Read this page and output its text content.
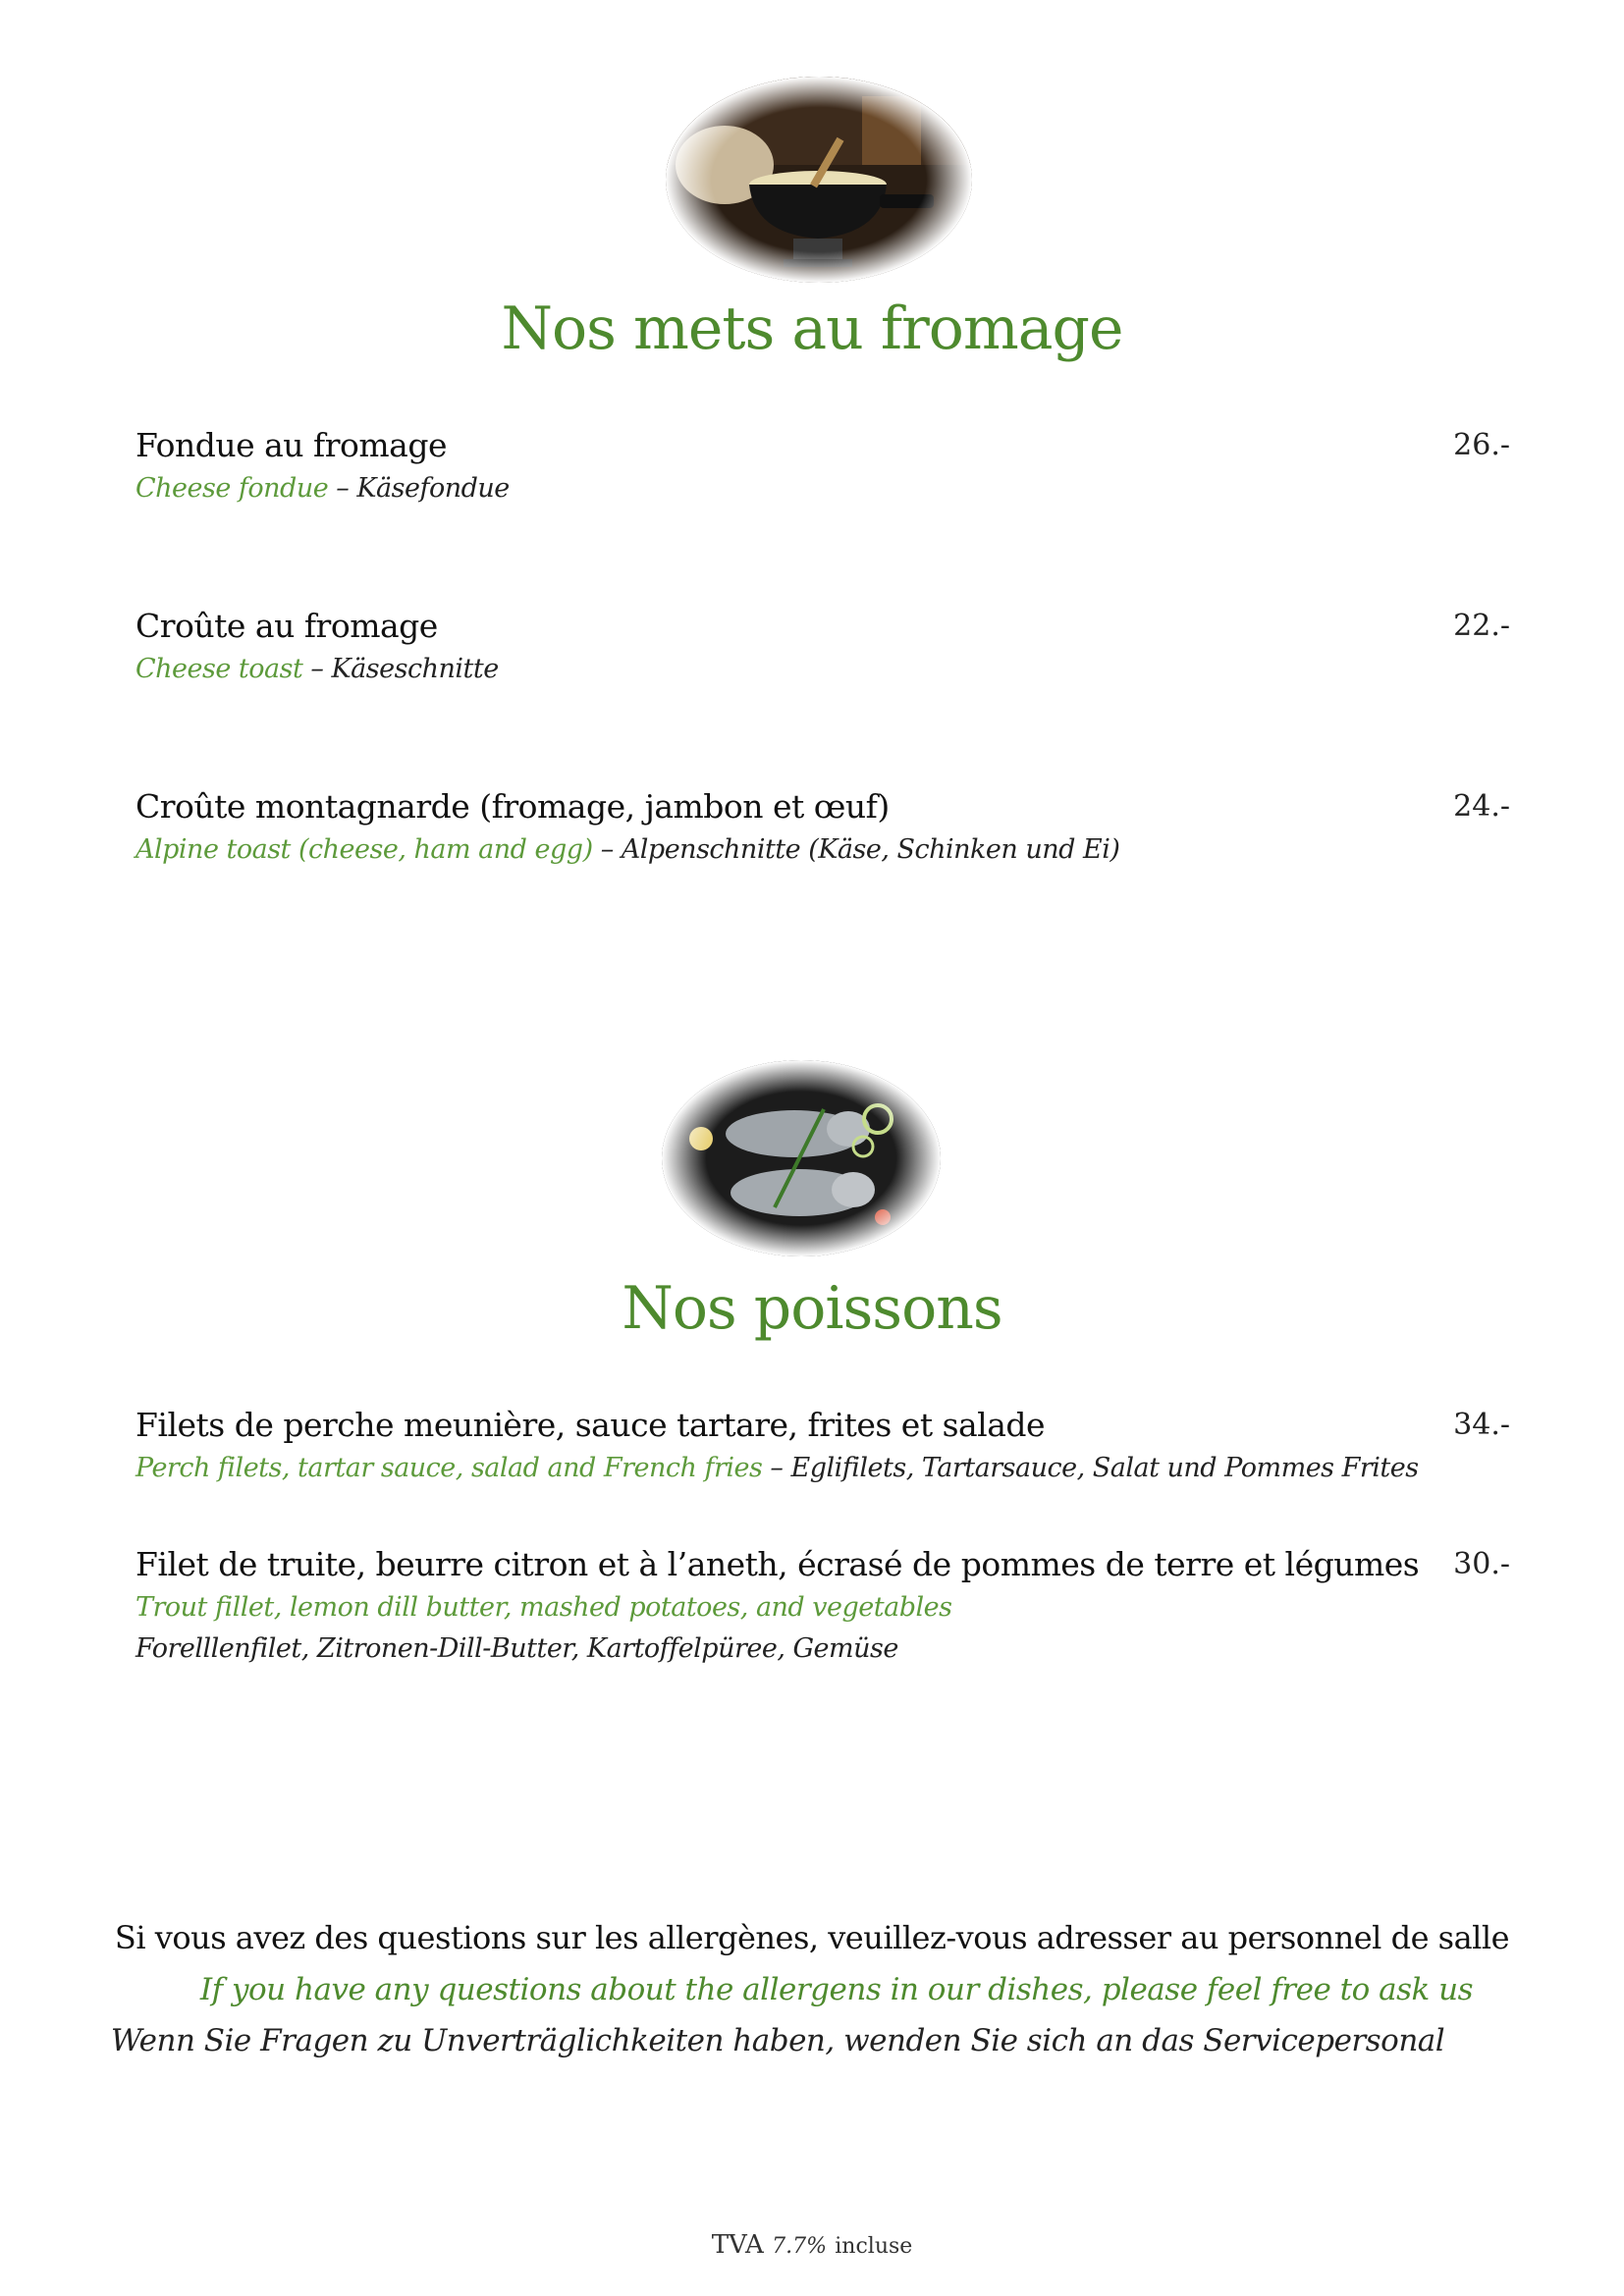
Nos mets au fromage
Fondue au fromage	26.-
Cheese fondue – Käsefondue
Croûte au fromage	22.-
Cheese toast – Käseschnitte
Croûte montagnarde (fromage, jambon et œuf)	24.-
Alpine toast (cheese, ham and egg) – Alpenschnitte (Käse, Schinken und Ei)
Nos poissons
Filets de perche meunière, sauce tartare, frites et salade	34.-
Perch filets, tartar sauce, salad and French fries – Eglifilets, Tartarsauce, Salat und Pommes Frites
Filet de truite, beurre citron et à l’aneth, écrasé de pommes de terre et légumes	30.-
Trout fillet, lemon dill butter, mashed potatoes, and vegetables
Forelllenfilet, Zitronen-Dill-Butter, Kartoffelpüree, Gemüse
Si vous avez des questions sur les allergènes, veuillez-vous adresser au personnel de salle
If you have any questions about the allergens in our dishes, please feel free to ask us
Wenn Sie Fragen zu Unverträglichkeiten haben, wenden Sie sich an das Servicepersonal
TVA 7.7% incluse
